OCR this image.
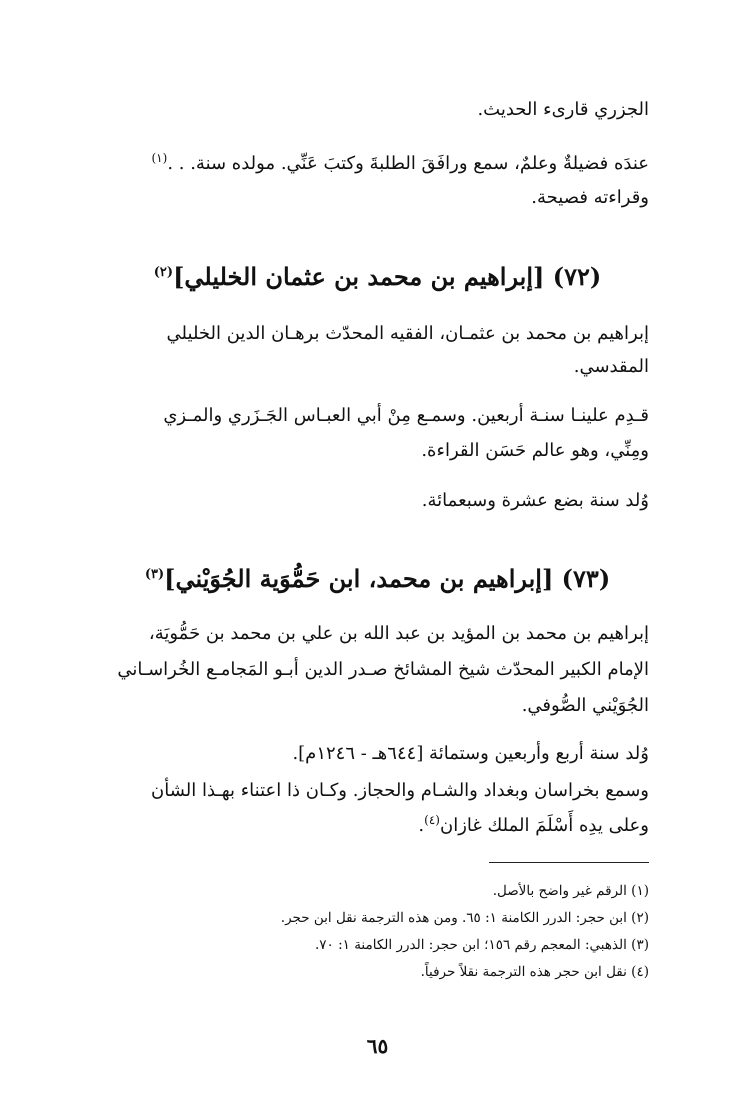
الجزري قارىء الحديث.
عندَه فضيلةٌ وعلمٌ، سمع ورافَقَ الطلبةَ وكتبَ عَنِّي. مولده سنة. . .$^{(١)}$
وقراءته فصيحة.
(٧٢) [إبراهيم بن محمد بن عثمان الخليلي]$^{(٢)}$
إبراهيم بن محمد بن عثمـان، الفقيه المحدّث برهـان الدين الخليلي
المقدسي.
قـدِم علينـا سنـة أربعين. وسمـع مِنْ أبي العبـاس الجَـزَري والمـزي
ومِنِّي، وهو عالم حَسَن القراءة.
وُلد سنة بضع عشرة وسبعمائة.
(٧٣) [إبراهيم بن محمد، ابن حَمُّوَية الجُوَيْني]$^{(٣)}$
إبراهيم بن محمد بن المؤيد بن عبد الله بن علي بن محمد بن حَمُّويَة،
الإمام الكبير المحدّث شيخ المشائخ صـدر الدين أبـو المَجامـع الخُراسـاني
الجُوَيْني الصُّوفي.
وُلد سنة أربع وأربعين وستمائة [٦٤٤هـ - ١٢٤٦م].
وسمع بخراسان وبغداد والشـام والحجاز. وكـان ذا اعتناء بهـذا الشأن
وعلى يدِه أَسْلَمَ الملك غازان$^{(٤)}$.
(١) الرقم غير واضح بالأصل.
(٢) ابن حجر: الدرر الكامنة ١: ٦٥. ومن هذه الترجمة نقل ابن حجر.
(٣) الذهبي: المعجم رقم ١٥٦؛ ابن حجر: الدرر الكامنة ١: ٧٠.
(٤) نقل ابن حجر هذه الترجمة نقلاً حرفياً.
٦٥
